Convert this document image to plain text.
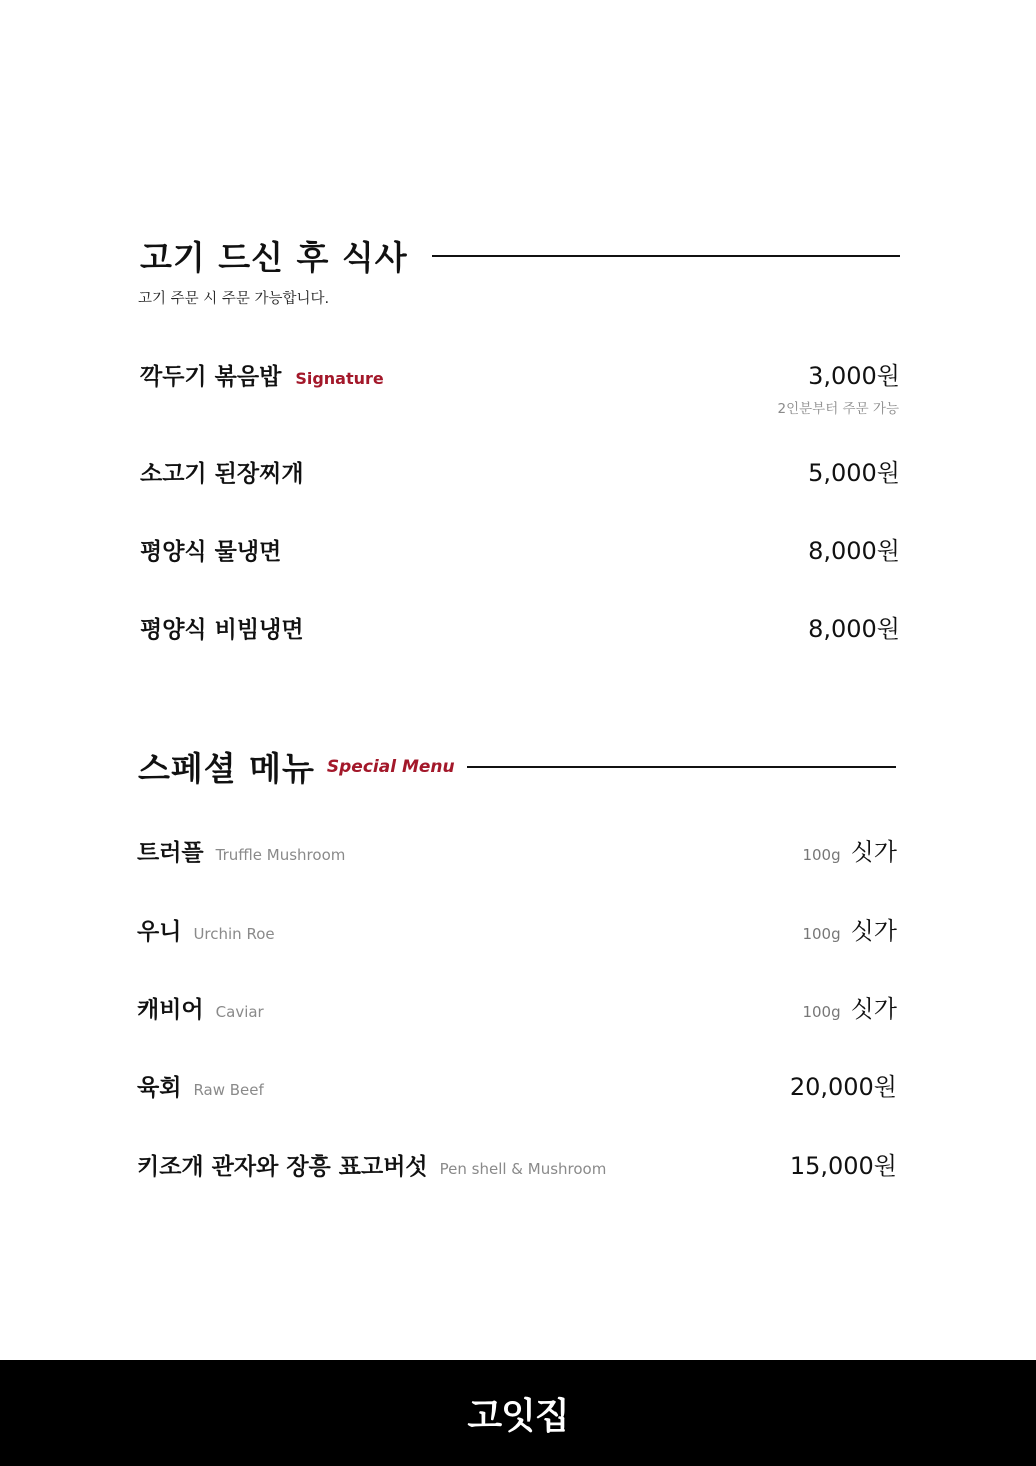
고기 드신 후 식사
고기 주문 시 주문 가능합니다.
깍두기 볶음밥 Signature	3,000원
2인분부터 주문 가능
소고기 된장찌개	5,000원
평양식 물냉면	8,000원
평양식 비빔냉면	8,000원
스페셜 메뉴 Special Menu
트러플 Truffle Mushroom	100g 싯가
우니 Urchin Roe	100g 싯가
캐비어 Caviar	100g 싯가
육회 Raw Beef	20,000원
키조개 관자와 장흥 표고버섯 Pen shell & Mushroom	15,000원
고잇집
